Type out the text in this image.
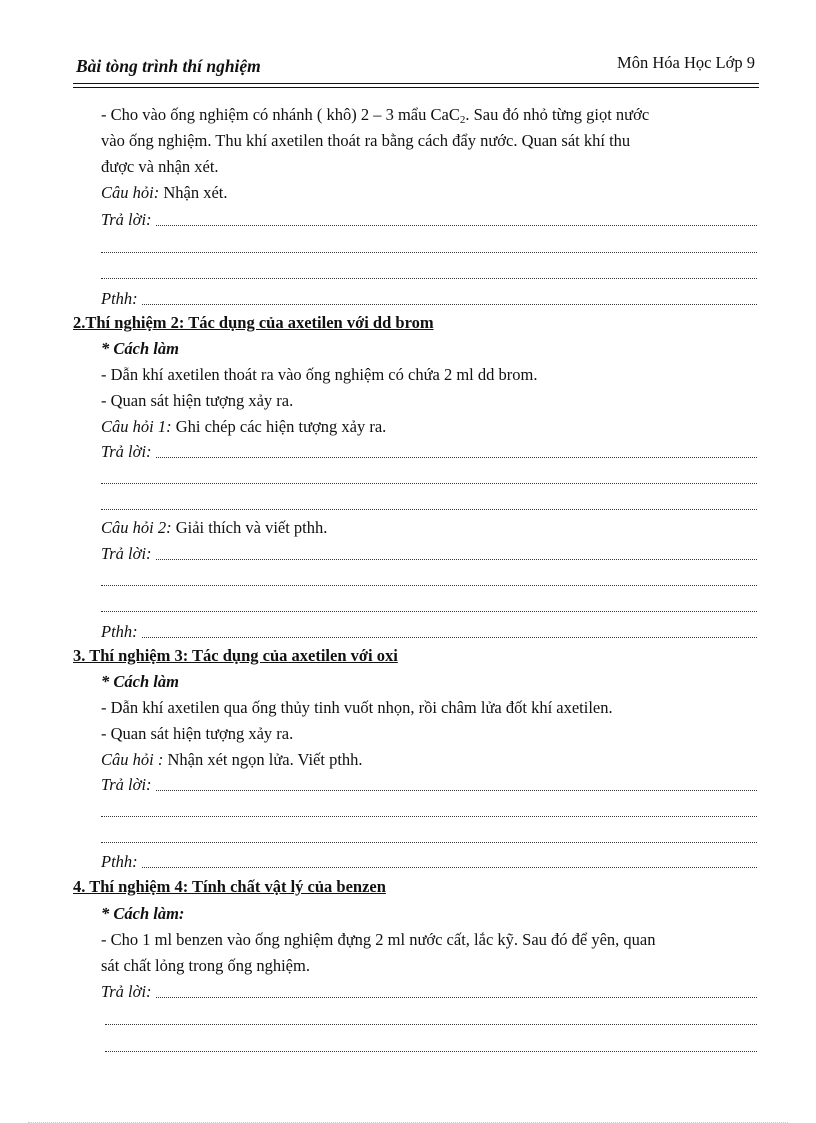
Bài tòng trình thí nghiệm	Môn Hóa Học Lớp 9
- Cho vào ống nghiệm có nhánh ( khô) 2 – 3 mẩu CaC$_2$. Sau đó nhỏ từng giọt nước
vào ống nghiệm. Thu khí axetilen thoát ra bằng cách đẩy nước. Quan sát khí thu
được và nhận xét.
Câu hỏi: Nhận xét.
Trả lời:
Pthh:
2.Thí nghiệm 2: Tác dụng của axetilen với dd brom
* Cách làm
- Dẫn khí axetilen thoát ra vào ống nghiệm có chứa 2 ml dd brom.
- Quan sát hiện tượng xảy ra.
Câu hỏi 1: Ghi chép các hiện tượng xảy ra.
Trả lời:
Câu hỏi 2: Giải thích và viết pthh.
Trả lời:
Pthh:
3. Thí nghiệm 3: Tác dụng của axetilen với oxi
* Cách làm
- Dẫn khí axetilen qua ống thủy tinh vuốt nhọn, rồi châm lửa đốt khí axetilen.
- Quan sát hiện tượng xảy ra.
Câu hỏi : Nhận xét ngọn lửa. Viết pthh.
Trả lời:
Pthh:
4. Thí nghiệm 4: Tính chất vật lý của benzen
* Cách làm:
- Cho 1 ml benzen vào ống nghiệm đựng 2 ml nước cất, lắc kỹ. Sau đó để yên, quan
sát chất lỏng trong ống nghiệm.
Trả lời:
